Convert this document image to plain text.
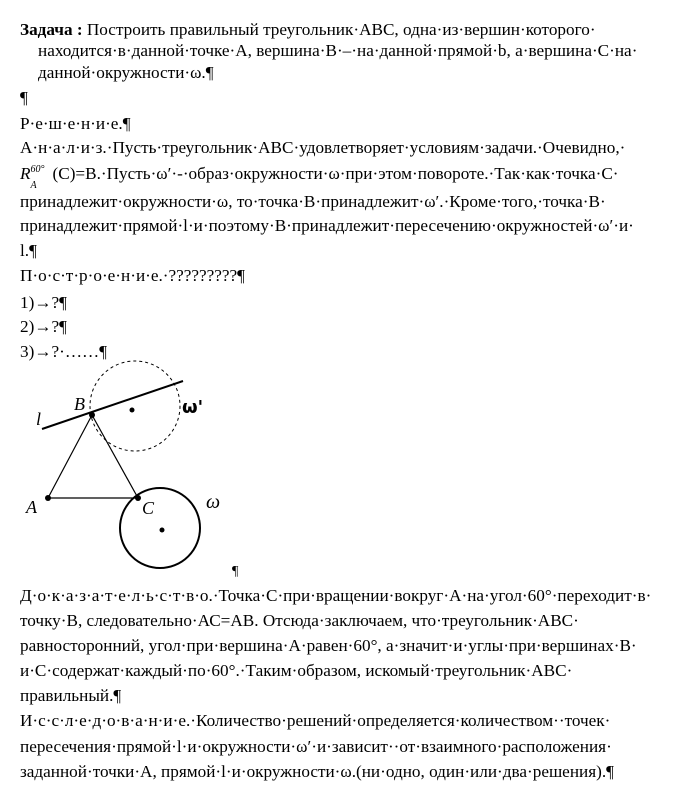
Задача : Построить правильный треугольник·ABC, одна·из·вершин·которого·
находится·в·данной·точке·A, вершина·B·–·на·данной·прямой·b, а·вершина·C·на·
данной·окружности·ω.¶
¶
Р·е·ш·е·н·и·е.¶
А·н·а·л·и·з.·Пусть·треугольник·ABC·удовлетворяет·условиям·задачи.·Очевидно,·
R 60°
A
(C)=B.·Пусть·ω′·-·образ·окружности·ω·при·этом·повороте.·Так·как·точка·C·
принадлежит·окружности·ω, то·точка·B·принадлежит·ω′.·Кроме·того,·точка·B·
принадлежит·прямой·l·и·поэтому·B·принадлежит·пересечению·окружностей·ω′·и·
l.¶
П·о·с·т·р·о·е·н·и·е.·?????????¶
1)→?¶
2)→?¶
3)→?·……¶
l
B
A	C
ω'
ω
¶
Д·о·к·а·з·а·т·е·л·ь·с·т·в·о.·Точка·С·при·вращении·вокруг·А·на·угол·60°·переходит·в·
точку·В, следовательно·АС=АВ. Отсюда·заключаем, что·треугольник·АВС·
равносторонний, угол·при·вершина·А·равен·60°, а·значит·и·углы·при·вершинах·В·
и·С·содержат·каждый·по·60°.·Таким·образом, искомый·треугольник·АВС·
правильный.¶
И·с·с·л·е·д·о·в·а·н·и·е.·Количество·решений·определяется·количеством··точек·
пересечения·прямой·l·и·окружности·ω′·и·зависит··от·взаимного·расположения·
заданной·точки·А, прямой·l·и·окружности·ω.(ни·одно, один·или·два·решения).¶
